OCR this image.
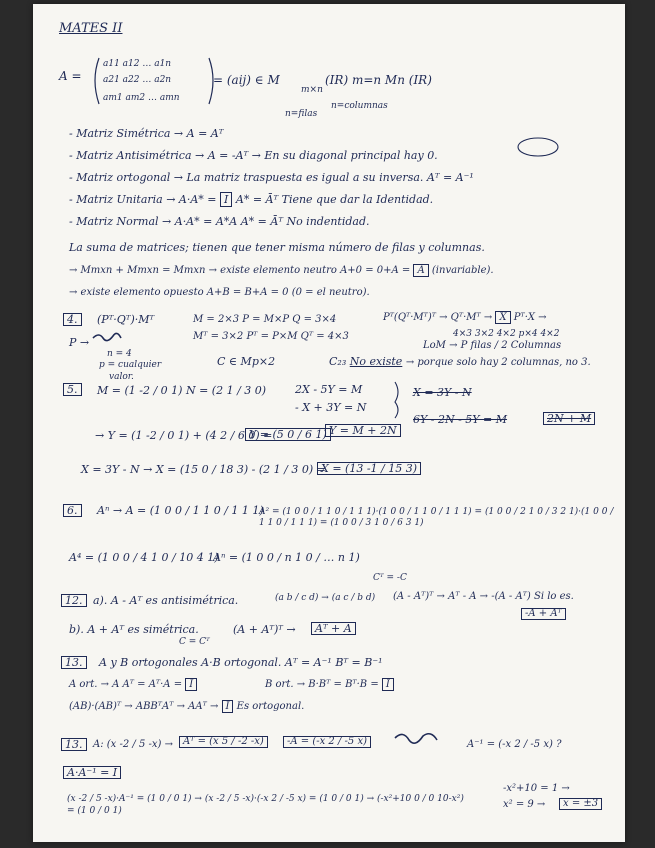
MATES II
A =
a11 a12 … a1n
a21 a22 … a2n
am1 am2 … amn
= (aij) ∈ M
m×n
(IR) m=n Mn (IR)
n=filas
n=columnas
- Matriz Simétrica → A = Aᵀ
- Matriz Antisimétrica → A = -Aᵀ → En su diagonal principal hay 0.
- Matriz ortogonal → La matriz traspuesta es igual a su inversa. Aᵀ = A⁻¹
- Matriz Unitaria → A·A* = I A* = Āᵀ Tiene que dar la Identidad.
- Matriz Normal → A·A* = A*A A* = Āᵀ No indentidad.
La suma de matrices; tienen que tener misma número de filas y columnas.
→ Mmxn + Mmxn = Mmxn → existe elemento neutro A+0 = 0+A = A (invariable).
→ existe elemento opuesto A+B = B+A = 0 (0 = el neutro).
4.	(Pᵀ·Qᵀ)·Mᵀ	M = 2×3 P = M×P Q = 3×4	Pᵀ(Qᵀ·Mᵀ)ᵀ → Qᵀ·Mᵀ → X Pᵀ·X →
Mᵀ = 3×2 Pᵀ = P×M Qᵀ = 4×3	4×3 3×2 4×2 p×4 4×2
P →
n = 4
p = cualquier
valor.
C ∈ Mp×2	C₂₃ No existe → porque solo hay 2 columnas, no 3.
LoM → P filas / 2 Columnas
5.	M = (1 -2 / 0 1) N = (2 1 / 3 0)	2X - 5Y = M
- X + 3Y = N
X = 3Y - N
6Y - 2N - 5Y = M	2N + M
→ Y = (1 -2 / 0 1) + (4 2 / 6 0) =
Y = (5 0 / 6 1) Y = M + 2N
X = 3Y - N → X = (15 0 / 18 3) - (2 1 / 3 0) =
X = (13 -1 / 15 3)
6.	Aⁿ → A = (1 0 0 / 1 1 0 / 1 1 1)
A² = (1 0 0 / 1 1 0 / 1 1 1)·(1 0 0 / 1 1 0 / 1 1 1) = (1 0 0 / 2 1 0 / 3 2 1)·(1 0 0 / 1 1 0 / 1 1 1) = (1 0 0 / 3 1 0 / 6 3 1)
A⁴ = (1 0 0 / 4 1 0 / 10 4 1)
Aⁿ = (1 0 0 / n 1 0 / … n 1)
12. a). A - Aᵀ es antisimétrica.	(a b / c d) → (a c / b d)
Cᵀ = -C
(A - Aᵀ)ᵀ → Aᵀ - A → -(A - Aᵀ) Si lo es.
-A + Aᵀ
b). A + Aᵀ es simétrica.
C = Cᵀ
(A + Aᵀ)ᵀ →	Aᵀ + A
13.	A y B ortogonales A·B ortogonal. Aᵀ = A⁻¹ Bᵀ = B⁻¹
A ort. → A Aᵀ = Aᵀ·A = I	B ort. → B·Bᵀ = Bᵀ·B = I
(AB)·(AB)ᵀ → ABBᵀAᵀ → AAᵀ → I Es ortogonal.
13.	A: (x -2 / 5 -x) →	Aᵀ = (x 5 / -2 -x)	-A = (-x 2 / -5 x)	A⁻¹ = (-x 2 / -5 x) ?
A·A⁻¹ = I
(x -2 / 5 -x)·A⁻¹ = (1 0 / 0 1) → (x -2 / 5 -x)·(-x 2 / -5 x) = (1 0 / 0 1) → (-x²+10 0 / 0 10-x²) = (1 0 / 0 1)
-x²+10 = 1 →
x² = 9 →	x = ±3
